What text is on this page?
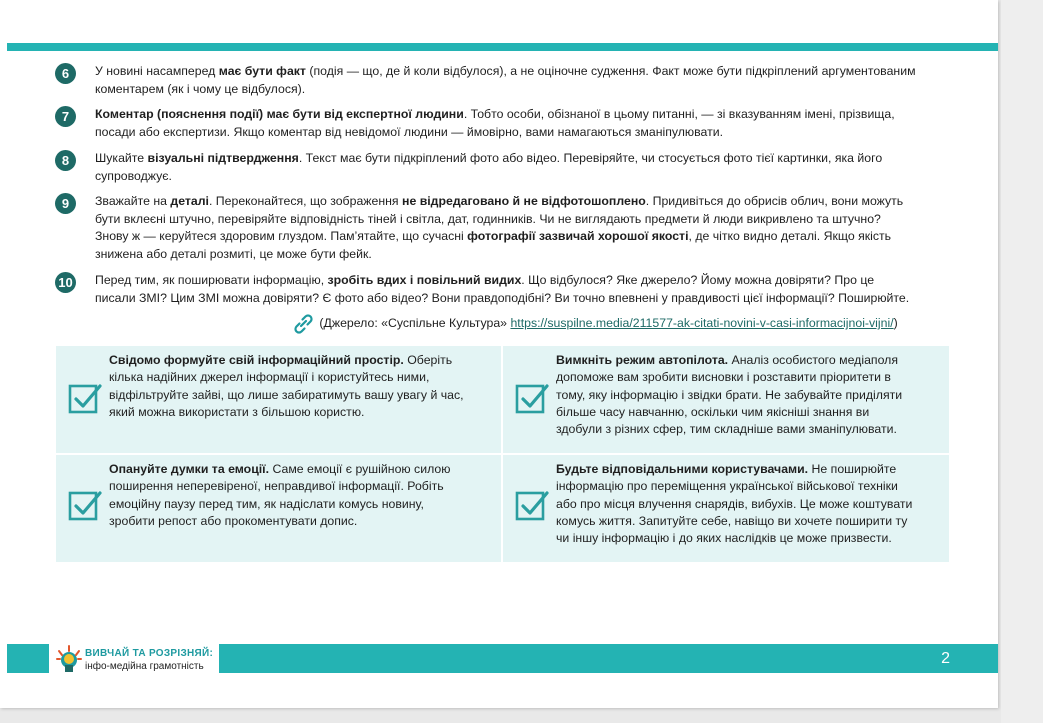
6	У новині насамперед має бути факт (подія — що, де й коли відбулося), а не оціночне судження. Факт може бути підкріплений аргументованим
коментарем (як і чому це відбулося).
7	Коментар (пояснення події) має бути від експертної людини. Тобто особи, обізнаної в цьому питанні, — зі вказуванням імені, прізвища,
посади або експертизи. Якщо коментар від невідомої людини — ймовірно, вами намагаються зманіпулювати.
8	Шукайте візуальні підтвердження. Текст має бути підкріплений фото або відео. Перевіряйте, чи стосується фото тієї картинки, яка його
супроводжує.
9	Зважайте на деталі. Переконайтеся, що зображення не відредаговано й не відфотошоплено. Придивіться до обрисів облич, вони можуть
бути вклеєні штучно, перевіряйте відповідність тіней і світла, дат, годинників. Чи не виглядають предмети й люди викривлено та штучно?
Знову ж — керуйтеся здоровим глуздом. Пам’ятайте, що сучасні фотографії зазвичай хорошої якості, де чітко видно деталі. Якщо якість
знижена або деталі розмиті, це може бути фейк.
10 Перед тим, як поширювати інформацію, зробіть вдих і повільний видих. Що відбулося? Яке джерело? Йому можна довіряти? Про це
писали ЗМІ? Цим ЗМІ можна довіряти? Є фото або відео? Вони правдоподібні? Ви точно впевнені у правдивості цієї інформації? Поширюйте.
(Джерело: «Суспільне Культура» https://suspilne.media/211577-ak-citati-novini-v-casi-informacijnoi-vijni/)
Свідомо формуйте свій інформаційний простір. Оберіть
кілька надійних джерел інформації і користуйтесь ними,
відфільтруйте зайві, що лише забиратимуть вашу увагу й час,
який можна використати з більшою користю.
Вимкніть режим автопілота. Аналіз особистого медіаполя
допоможе вам зробити висновки і розставити пріоритети в
тому, яку інформацію і звідки брати. Не забувайте приділяти
більше часу навчанню, оскільки чим якісніші знання ви
здобули з різних сфер, тим складніше вами зманіпулювати.
Опануйте думки та емоції. Саме емоції є рушійною силою
поширення неперевіреної, неправдивої інформації. Робіть
емоційну паузу перед тим, як надіслати комусь новину,
зробити репост або прокоментувати допис.
Будьте відповідальними користувачами. Не поширюйте
інформацію про переміщення української військової техніки
або про місця влучення снарядів, вибухів. Це може коштувати
комусь життя. Запитуйте себе, навіщо ви хочете поширити ту
чи іншу інформацію і до яких наслідків це може призвести.
2
ВИВЧАЙ ТА РОЗРІЗНЯЙ:
інфо-медійна грамотність
